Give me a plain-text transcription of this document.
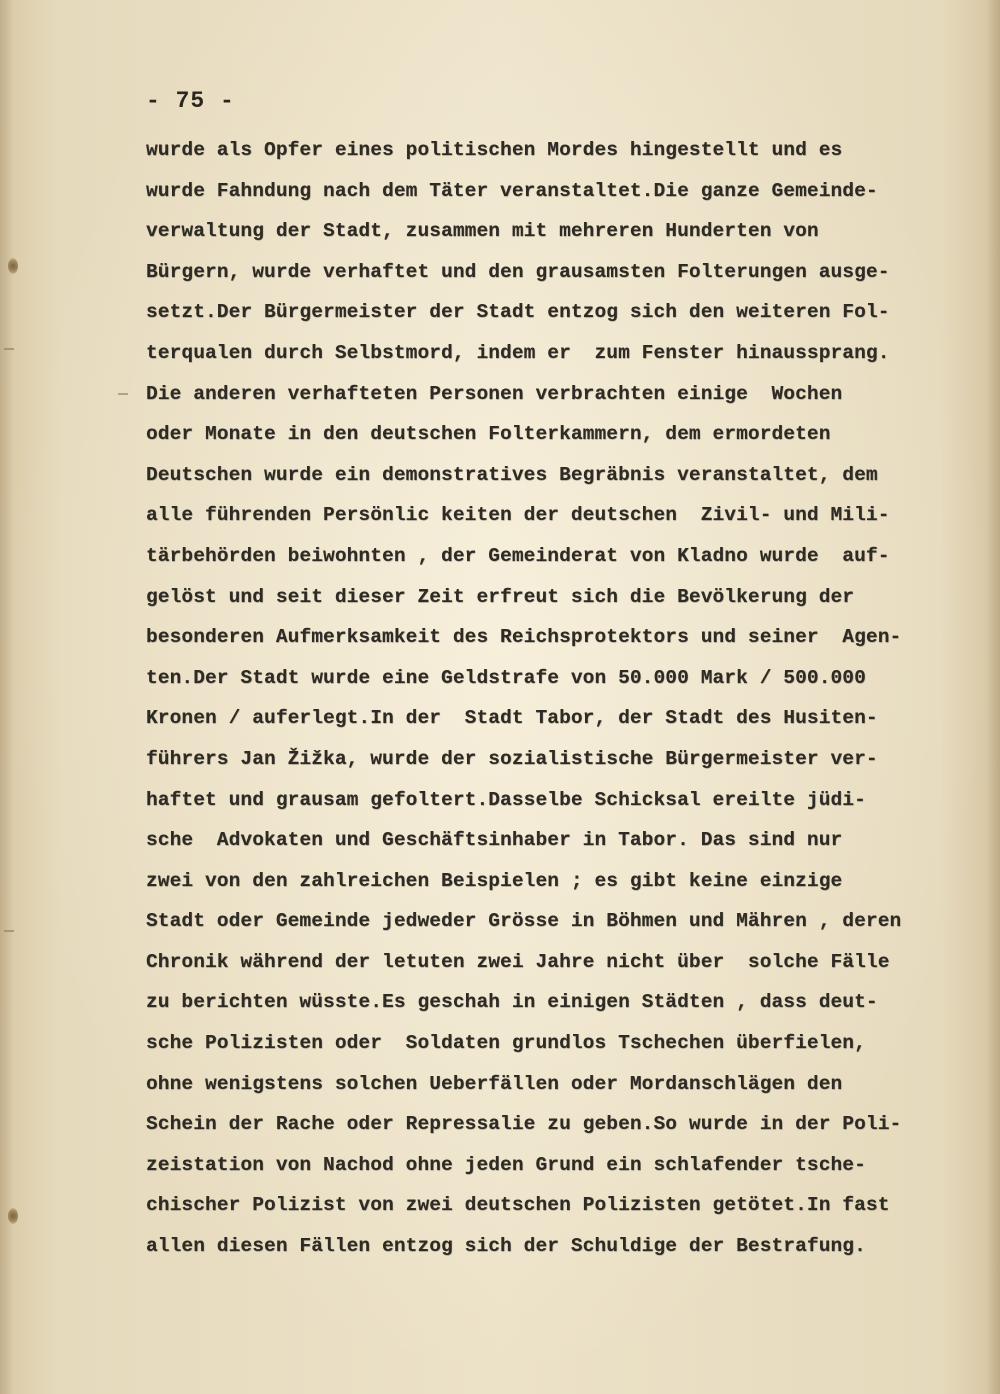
- 75 -
wurde als Opfer eines politischen Mordes hingestellt und es
wurde Fahndung nach dem Täter veranstaltet.Die ganze Gemeinde-
verwaltung der Stadt, zusammen mit mehreren Hunderten von
Bürgern, wurde verhaftet und den grausamsten Folterungen ausge-
setzt.Der Bürgermeister der Stadt entzog sich den weiteren Fol-
terqualen durch Selbstmord, indem er  zum Fenster hinaussprang.
Die anderen verhafteten Personen verbrachten einige  Wochen
oder Monate in den deutschen Folterkammern, dem ermordeten
Deutschen wurde ein demonstratives Begräbnis veranstaltet, dem
alle führenden Persönlic keiten der deutschen  Zivil- und Mili-
tärbehörden beiwohnten , der Gemeinderat von Kladno wurde  auf-
gelöst und seit dieser Zeit erfreut sich die Bevölkerung der
besonderen Aufmerksamkeit des Reichsprotektors und seiner  Agen-
ten.Der Stadt wurde eine Geldstrafe von 50.000 Mark / 500.000
Kronen / auferlegt.In der  Stadt Tabor, der Stadt des Husiten-
führers Jan Žižka, wurde der sozialistische Bürgermeister ver-
haftet und grausam gefoltert.Dasselbe Schicksal ereilte jüdi-
sche  Advokaten und Geschäftsinhaber in Tabor. Das sind nur
zwei von den zahlreichen Beispielen ; es gibt keine einzige
Stadt oder Gemeinde jedweder Grösse in Böhmen und Mähren , deren
Chronik während der letuten zwei Jahre nicht über  solche Fälle
zu berichten wüsste.Es geschah in einigen Städten , dass deut-
sche Polizisten oder  Soldaten grundlos Tschechen überfielen,
ohne wenigstens solchen Ueberfällen oder Mordanschlägen den
Schein der Rache oder Repressalie zu geben.So wurde in der Poli-
zeistation von Nachod ohne jeden Grund ein schlafender tsche-
chischer Polizist von zwei deutschen Polizisten getötet.In fast
allen diesen Fällen entzog sich der Schuldige der Bestrafung.
